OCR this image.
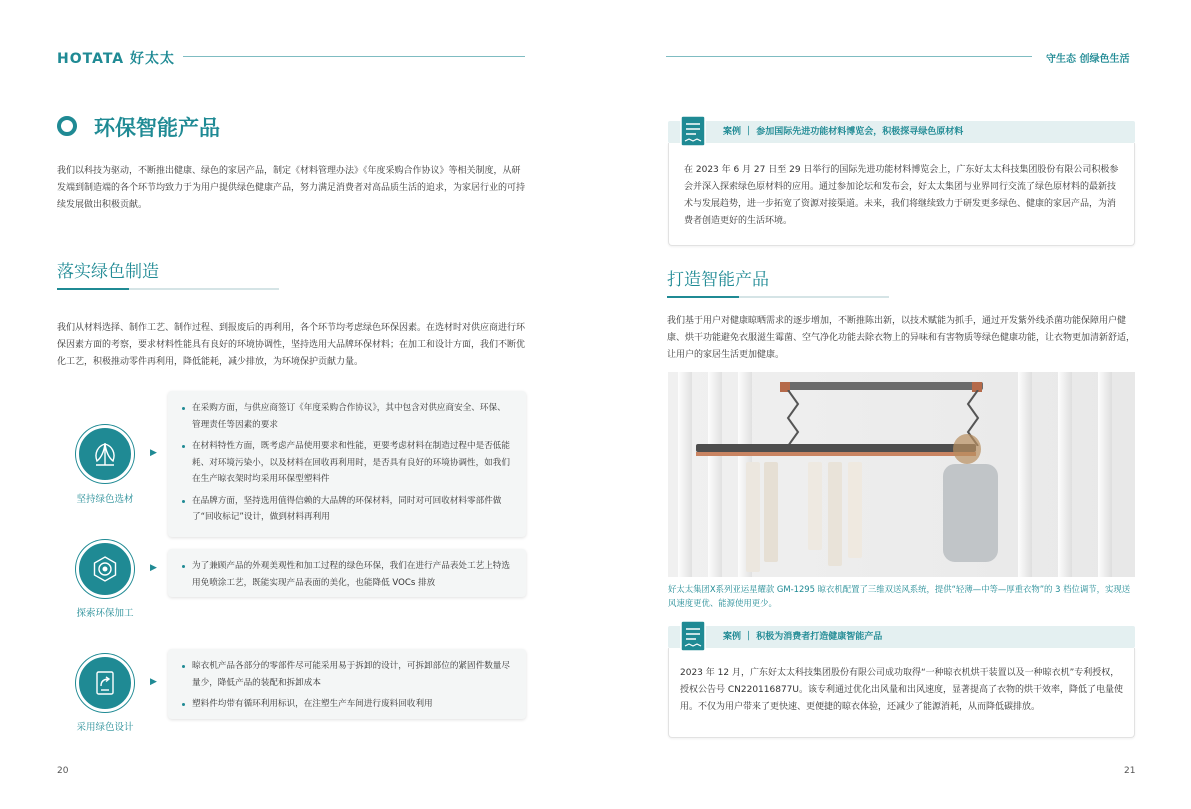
HOTATA 好太太	守生态 创绿色生活
环保智能产品
我们以科技为驱动，不断推出健康、绿色的家居产品，制定《材料管理办法》《年度采购合作协议》等相关制度，从研发端到制造端的各个环节均致力于为用户提供绿色健康产品，努力满足消费者对高品质生活的追求，为家居行业的可持续发展做出积极贡献。
落实绿色制造
我们从材料选择、制作工艺、制作过程、到报废后的再利用，各个环节均考虑绿色环保因素。在选材时对供应商进行环保因素方面的考察，要求材料性能具有良好的环境协调性，坚持选用大品牌环保材料；在加工和设计方面，我们不断优化工艺，积极推动零件再利用，降低能耗，减少排放，为环境保护贡献力量。
坚持绿色选材
▶
在采购方面，与供应商签订《年度采购合作协议》，其中包含对供应商安全、环保、管理责任等因素的要求
在材料特性方面，既考虑产品使用要求和性能，更要考虑材料在制造过程中是否低能耗、对环境污染小，以及材料在回收再利用时，是否具有良好的环境协调性，如我们在生产晾衣架时均采用环保型塑料件
在品牌方面，坚持选用值得信赖的大品牌的环保材料，同时对可回收材料零部件做了“回收标记”设计，做到材料再利用
探索环保加工
▶	为了兼顾产品的外观美观性和加工过程的绿色环保，我们在进行产品表处工艺上特选用免喷涂工艺，既能实现产品表面的美化，也能降低 VOCs 排放
采用绿色设计
▶
晾衣机产品各部分的零部件尽可能采用易于拆卸的设计，可拆卸部位的紧固件数量尽量少，降低产品的装配和拆卸成本
塑料件均带有循环利用标识，在注塑生产车间进行废料回收利用
20
案例 ｜ 参加国际先进功能材料博览会，积极探寻绿色原材料
在 2023 年 6 月 27 日至 29 日举行的国际先进功能材料博览会上，广东好太太科技集团股份有限公司积极参会并深入探索绿色原材料的应用。通过参加论坛和发布会，好太太集团与业界同行交流了绿色原材料的最新技术与发展趋势，进一步拓宽了资源对接渠道。未来，我们将继续致力于研发更多绿色、健康的家居产品，为消费者创造更好的生活环境。
打造智能产品
我们基于用户对健康晾晒需求的逐步增加，不断推陈出新，以技术赋能为抓手，通过开发紫外线杀菌功能保障用户健康、烘干功能避免衣服滋生霉菌、空气净化功能去除衣物上的异味和有害物质等绿色健康功能，让衣物更加清新舒适，让用户的家居生活更加健康。
好太太集团X系列亚运星耀款 GM-1295 晾衣机配置了三维双送风系统，提供“轻薄—中等—厚重衣物”的 3 档位调节，实现送风速度更优、能源使用更少。
案例 ｜ 积极为消费者打造健康智能产品
2023 年 12 月，广东好太太科技集团股份有限公司成功取得“一种晾衣机烘干装置以及一种晾衣机”专利授权，授权公告号 CN220116877U。该专利通过优化出风量和出风速度，显著提高了衣物的烘干效率，降低了电量使用。不仅为用户带来了更快速、更便捷的晾衣体验，还减少了能源消耗，从而降低碳排放。
21
